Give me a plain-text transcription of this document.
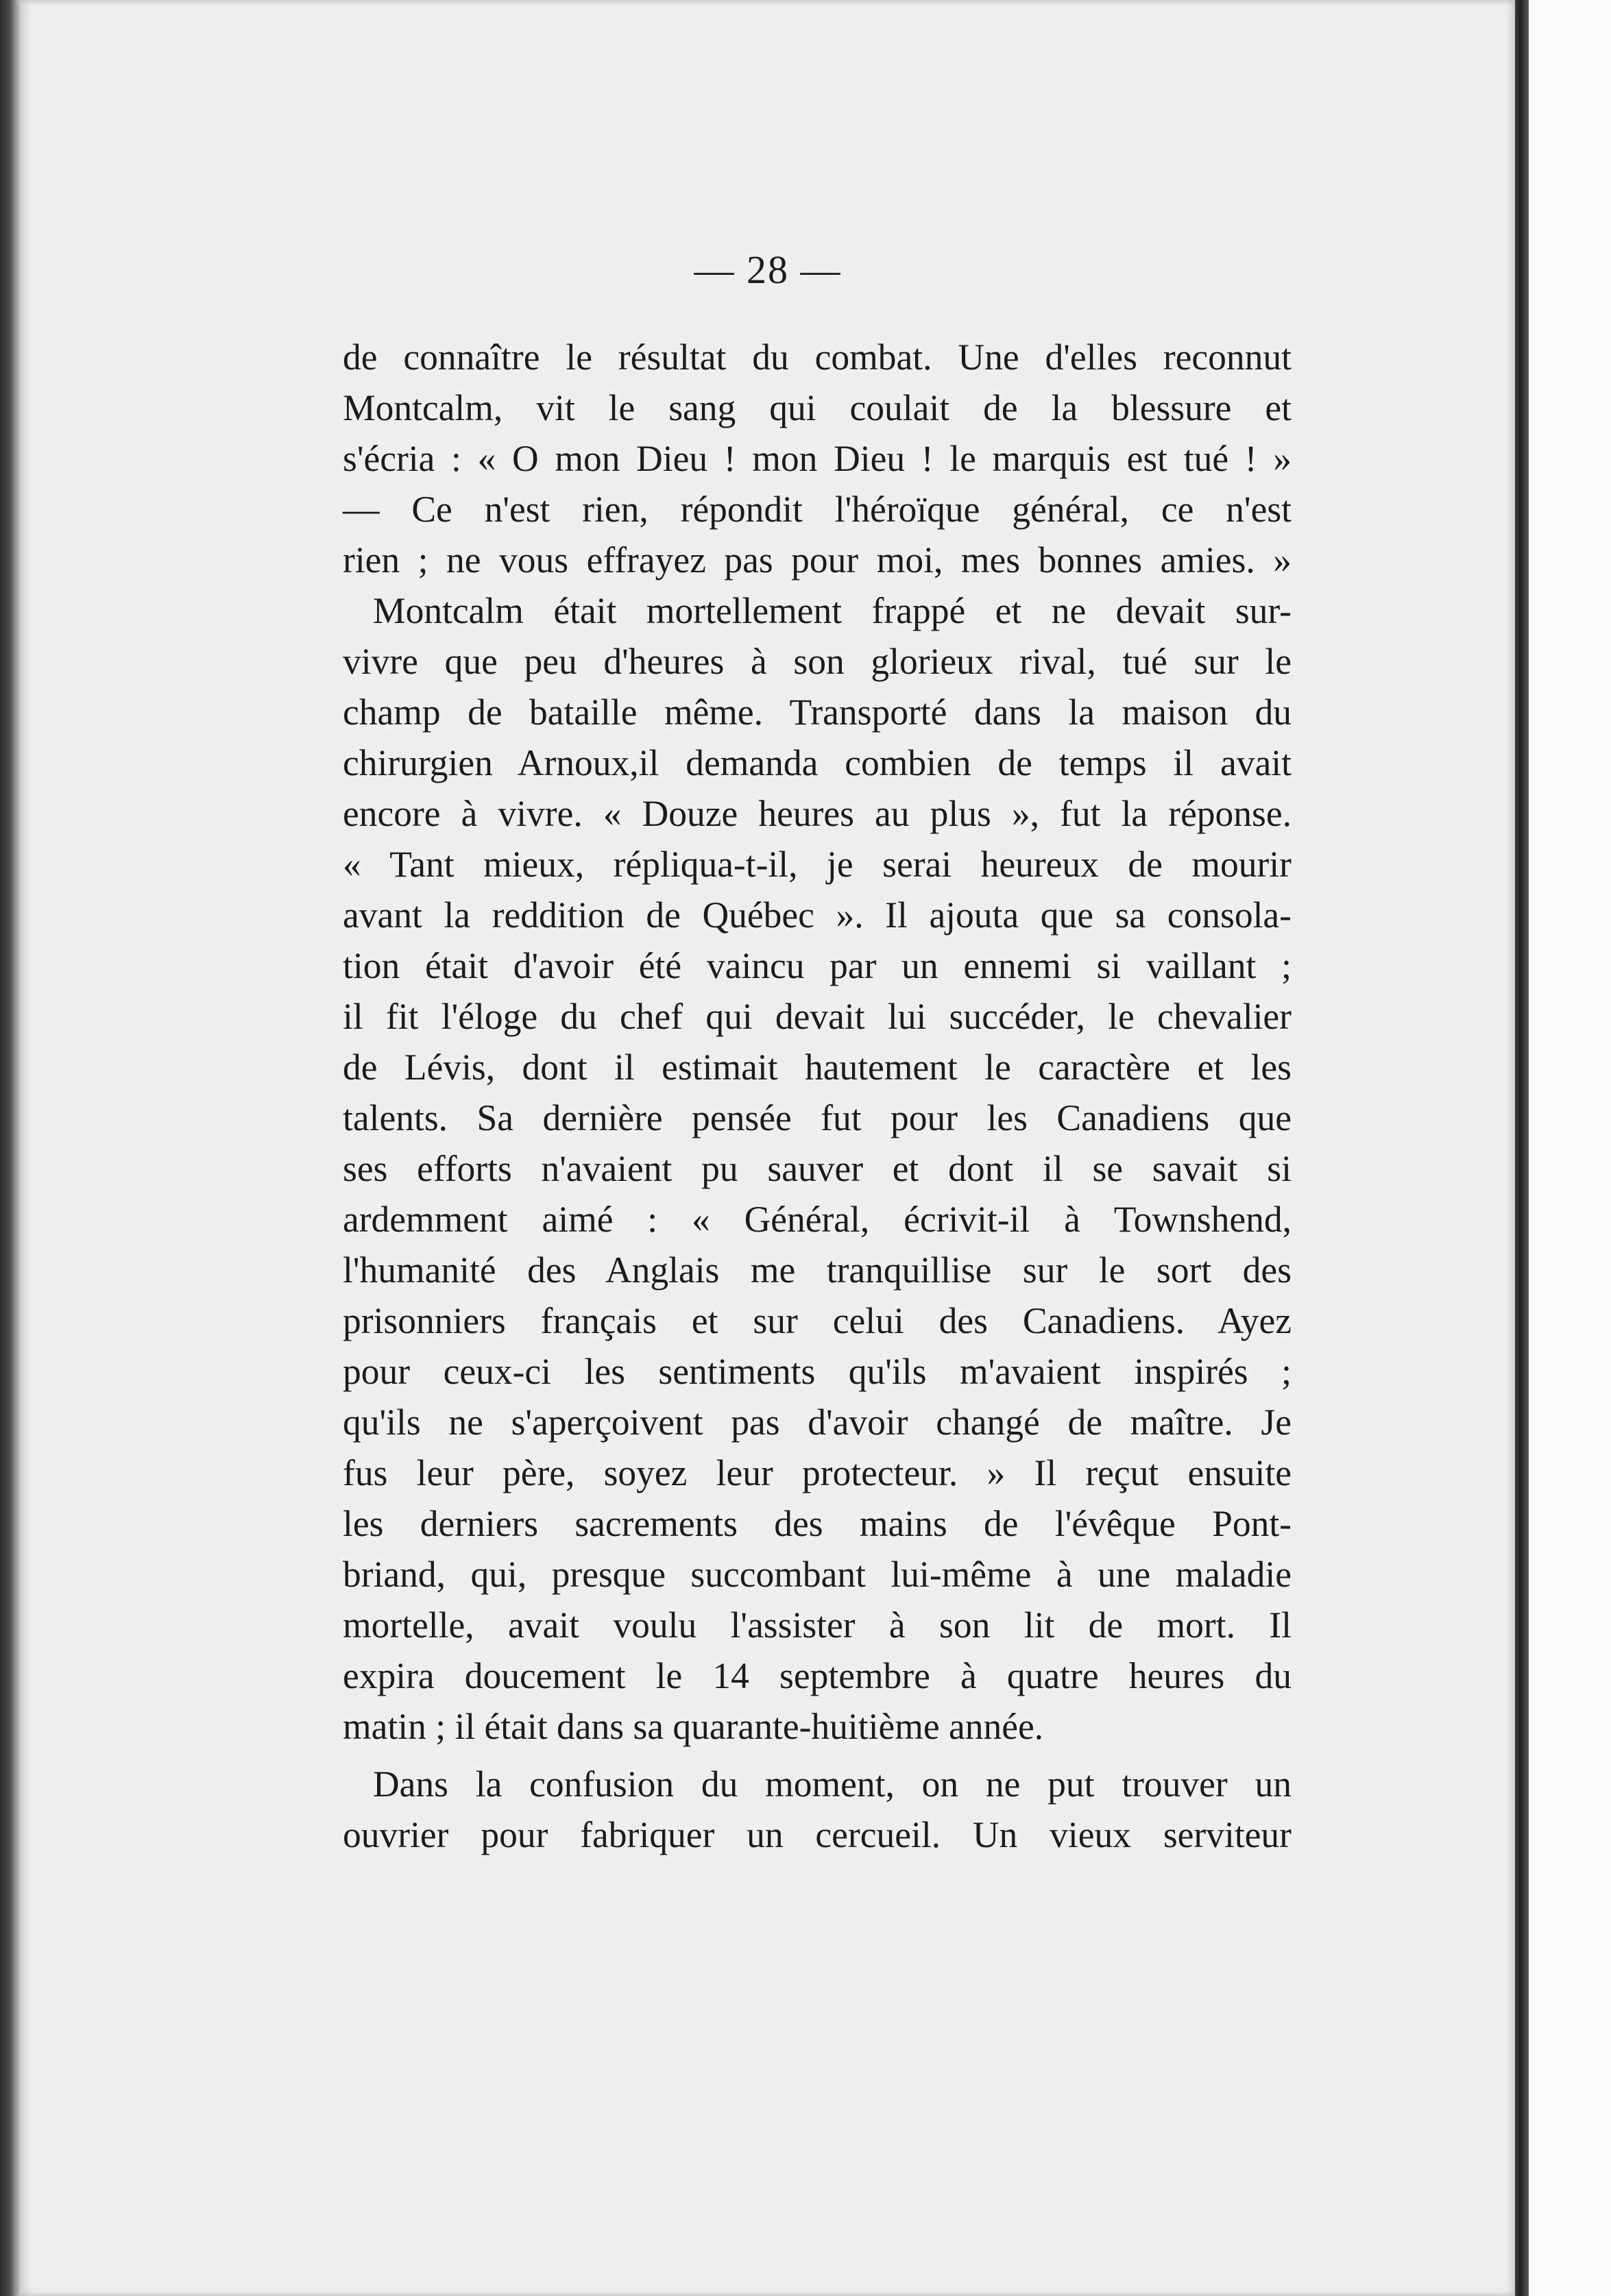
— 28 —
de connaître le résultat du combat. Une d'elles reconnut
Montcalm, vit le sang qui coulait de la blessure et
s'écria : « O mon Dieu ! mon Dieu ! le marquis est tué ! »
— Ce n'est rien, répondit l'héroïque général, ce n'est
rien ; ne vous effrayez pas pour moi, mes bonnes amies. »
Montcalm était mortellement frappé et ne devait sur-
vivre que peu d'heures à son glorieux rival, tué sur le
champ de bataille même. Transporté dans la maison du
chirurgien Arnoux,il demanda combien de temps il avait
encore à vivre. « Douze heures au plus », fut la réponse.
« Tant mieux, répliqua-t-il, je serai heureux de mourir
avant la reddition de Québec ». Il ajouta que sa consola-
tion était d'avoir été vaincu par un ennemi si vaillant ;
il fit l'éloge du chef qui devait lui succéder, le chevalier
de Lévis, dont il estimait hautement le caractère et les
talents. Sa dernière pensée fut pour les Canadiens que
ses efforts n'avaient pu sauver et dont il se savait si
ardemment aimé : « Général, écrivit-il à Townshend,
l'humanité des Anglais me tranquillise sur le sort des
prisonniers français et sur celui des Canadiens. Ayez
pour ceux-ci les sentiments qu'ils m'avaient inspirés ;
qu'ils ne s'aperçoivent pas d'avoir changé de maître. Je
fus leur père, soyez leur protecteur. » Il reçut ensuite
les derniers sacrements des mains de l'évêque Pont-
briand, qui, presque succombant lui-même à une maladie
mortelle, avait voulu l'assister à son lit de mort. Il
expira doucement le 14 septembre à quatre heures du
matin ; il était dans sa quarante-huitième année.
Dans la confusion du moment, on ne put trouver un
ouvrier pour fabriquer un cercueil. Un vieux serviteur
